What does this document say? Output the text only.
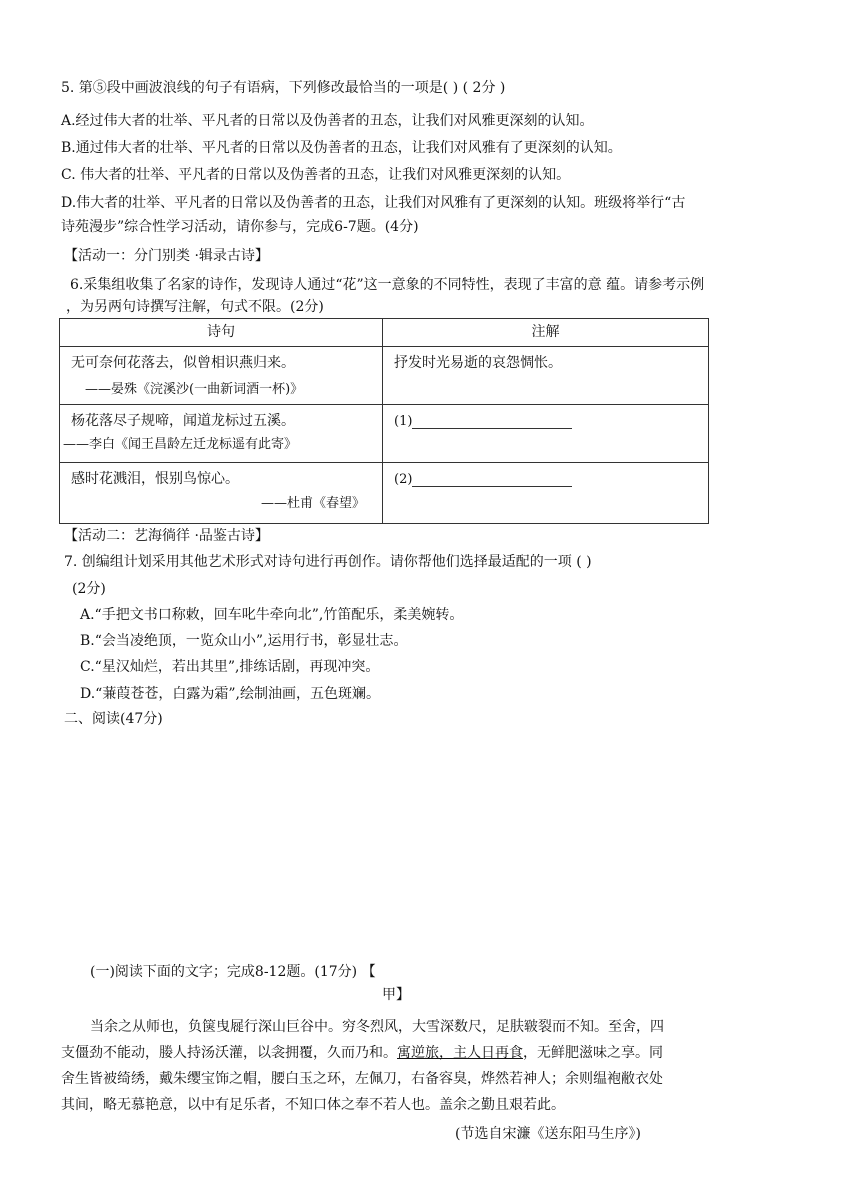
5. 第⑤段中画波浪线的句子有语病，下列修改最恰当的一项是( ) ( 2分 )
A.经过伟大者的壮举、平凡者的日常以及伪善者的丑态，让我们对风雅更深刻的认知。
B.通过伟大者的壮举、平凡者的日常以及伪善者的丑态，让我们对风雅有了更深刻的认知。
C. 伟大者的壮举、平凡者的日常以及伪善者的丑态，让我们对风雅更深刻的认知。
D.伟大者的壮举、平凡者的日常以及伪善者的丑态，让我们对风雅有了更深刻的认知。班级将举行“古
诗苑漫步”综合性学习活动，请你参与，完成6-7题。(4分)
【活动一：分门别类 ·辑录古诗】
6.采集组收集了名家的诗作，发现诗人通过“花”这一意象的不同特性，表现了丰富的意 蕴。请参考示例
，为另两句诗撰写注解，句式不限。(2分)
诗句	注解

无可奈何花落去，似曾相识燕归来。
——晏殊《浣溪沙(一曲新词酒一杯)》	抒发时光易逝的哀怨惆怅。

杨花落尽子规啼，闻道龙标过五溪。
——李白《闻王昌龄左迁龙标遥有此寄》	(1)

感时花溅泪，恨别鸟惊心。
——杜甫《春望》	(2)
【活动二：艺海徜徉 ·品鉴古诗】
7. 创编组计划采用其他艺术形式对诗句进行再创作。请你帮他们选择最适配的一项 ( )
(2分)
A.“手把文书口称敕，回车叱牛牵向北”,竹笛配乐，柔美婉转。
B.“会当凌绝顶，一览众山小”,运用行书，彰显壮志。
C.“星汉灿烂，若出其里”,排练话剧，再现冲突。
D.“蒹葭苍苍，白露为霜”,绘制油画，五色斑斓。
二、阅读(47分)
(一)阅读下面的文字；完成8-12题。(17分) 【
甲】
当余之从师也，负箧曳屣行深山巨谷中。穷冬烈风，大雪深数尺，足肤皲裂而不知。至舍，四
支僵劲不能动，媵人持汤沃灌，以衾拥覆，久而乃和。寓逆旅，主人日再食，无鲜肥滋味之享。同
舍生皆被绮绣，戴朱缨宝饰之帽，腰白玉之环，左佩刀，右备容臭，烨然若神人；余则缊袍敝衣处
其间，略无慕艳意，以中有足乐者，不知口体之奉不若人也。盖余之勤且艰若此。
(节选自宋濂《送东阳马生序》)
